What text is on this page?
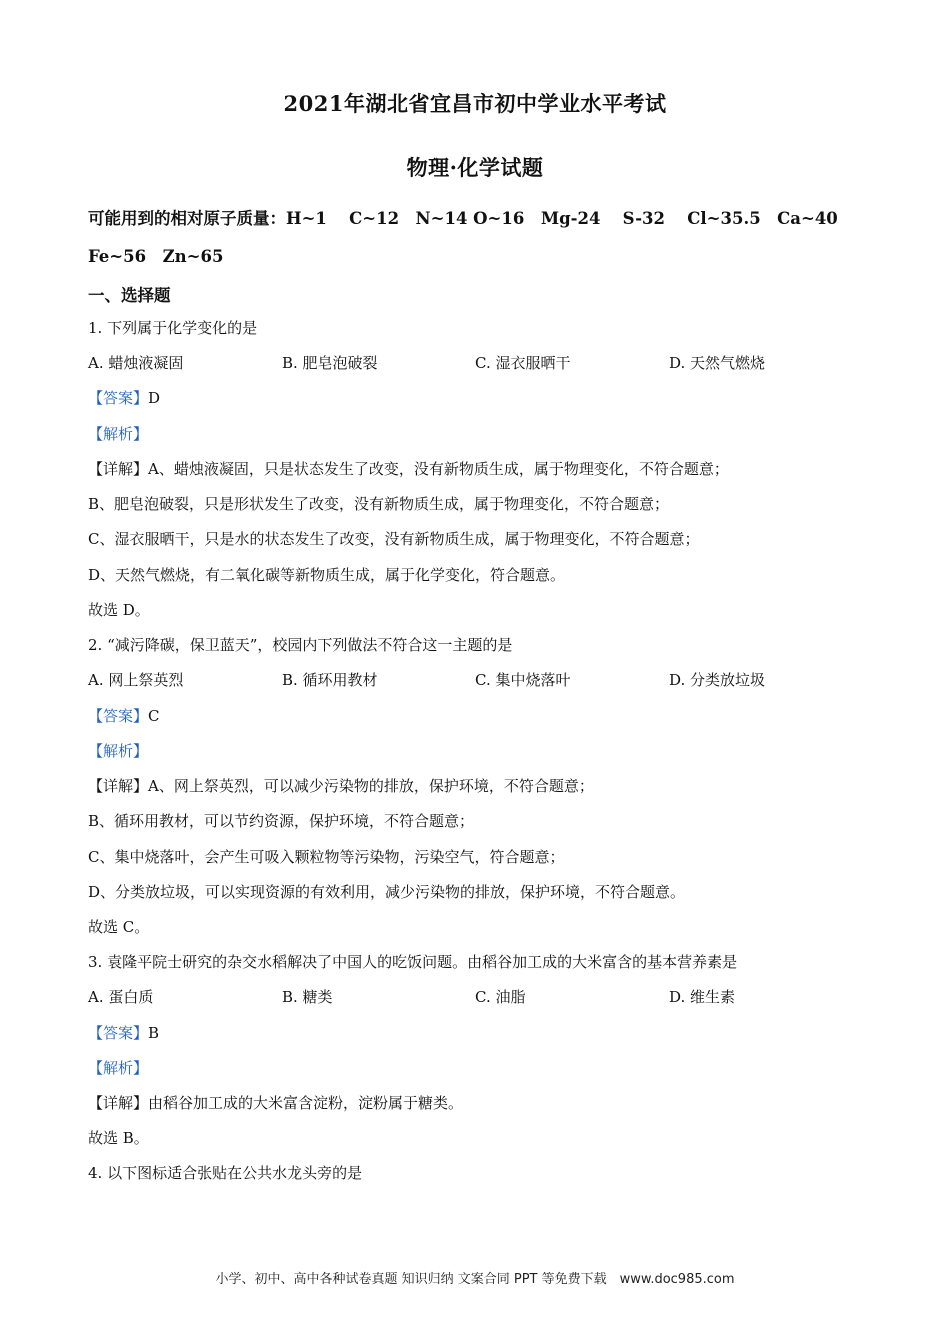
2021年湖北省宜昌市初中学业水平考试
物理·化学试题
可能用到的相对原子质量：H~1　 C~12　N~14 O~16　Mg-24　 S-32　 Cl~35.5　Ca~40
Fe~56　Zn~65
一、选择题
1. 下列属于化学变化的是
A. 蜡烛液凝固	B. 肥皂泡破裂	C. 湿衣服晒干	D. 天然气燃烧
【答案】D
【解析】
【详解】A、蜡烛液凝固，只是状态发生了改变，没有新物质生成，属于物理变化，不符合题意；
B、肥皂泡破裂，只是形状发生了改变，没有新物质生成，属于物理变化，不符合题意；
C、湿衣服晒干，只是水的状态发生了改变，没有新物质生成，属于物理变化，不符合题意；
D、天然气燃烧，有二氧化碳等新物质生成，属于化学变化，符合题意。
故选 D。
2. “减污降碳，保卫蓝天”，校园内下列做法不符合这一主题的是
A. 网上祭英烈	B. 循环用教材	C. 集中烧落叶	D. 分类放垃圾
【答案】C
【解析】
【详解】A、网上祭英烈，可以减少污染物的排放，保护环境，不符合题意；
B、循环用教材，可以节约资源，保护环境，不符合题意；
C、集中烧落叶，会产生可吸入颗粒物等污染物，污染空气，符合题意；
D、分类放垃圾，可以实现资源的有效利用，减少污染物的排放，保护环境，不符合题意。
故选 C。
3. 袁隆平院士研究的杂交水稻解决了中国人的吃饭问题。由稻谷加工成的大米富含的基本营养素是
A. 蛋白质	B. 糖类	C. 油脂	D. 维生素
【答案】B
【解析】
【详解】由稻谷加工成的大米富含淀粉，淀粉属于糖类。
故选 B。
4. 以下图标适合张贴在公共水龙头旁的是
小学、初中、高中各种试卷真题 知识归纳 文案合同 PPT 等免费下载　www.doc985.com
